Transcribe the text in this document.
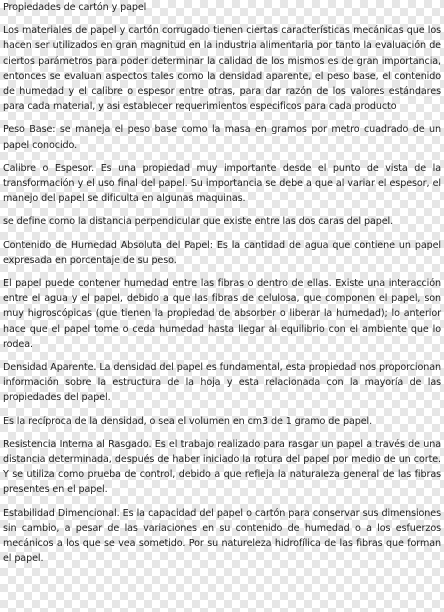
Propiedades de cartón y papel

Los materiales de papel y cartón corrugado tienen ciertas características mecánicas que los hacen ser utilizados en gran magnitud en la industria alimentaria por tanto la evaluación de ciertos parámetros para poder determinar la calidad de los mismos es de gran importancia, entonces se evaluan aspectos tales como la densidad aparente, el peso base, el contenido de humedad y el calibre o espesor entre otras, para dar razón de los valores estándares para cada material, y asi establecer requerimientos especificos para cada producto

Peso Base: se maneja el peso base como la masa en gramos por metro cuadrado de un papel conocido.

Calibre o Espesor. Es una propiedad muy importante desde el punto de vista de la transformación y el uso final del papel. Su importancia se debe a que al variar el espesor, el manejo del papel se dificulta en algunas maquinas.

se define como la distancia perpendicular que existe entre las dos caras del papel.

Contenido de Humedad Absoluta del Papel: Es la cantidad de agua que contiene un papel expresada en porcentaje de su peso.

El papel puede contener humedad entre las fibras o dentro de ellas. Existe una interacción entre el agua y el papel, debido a que las fibras de celulosa, que componen el papel, son muy higroscópicas (que tienen la propiedad de absorber o liberar la humedad); lo anterior hace que el papel tome o ceda humedad hasta llegar al equilibrio con el ambiente que lo rodea.

Densidad Aparente. La densidad del papel es fundamental, esta propiedad nos proporcionan información sobre la estructura de la hoja y esta relacionada con la mayoría de las propiedades del papel.

Es la recíproca de la densidad, o sea el volumen en cm3 de 1 gramo de papel.

Resistencia Interna al Rasgado. Es el trabajo realizado para rasgar un papel a través de una distancia determinada, después de haber iniciado la rotura del papel por medio de un corte. Y se utiliza como prueba de control, debido a que refleja la naturaleza general de las fibras presentes en el papel.

Estabilidad Dimencional. Es la capacidad del papel o cartón para conservar sus dimensiones sin cambio, a pesar de las variaciones en su contenido de humedad o a los esfuerzos mecánicos a los que se vea sometido. Por su natureleza hidrofílica de las fibras que forman el papel.
